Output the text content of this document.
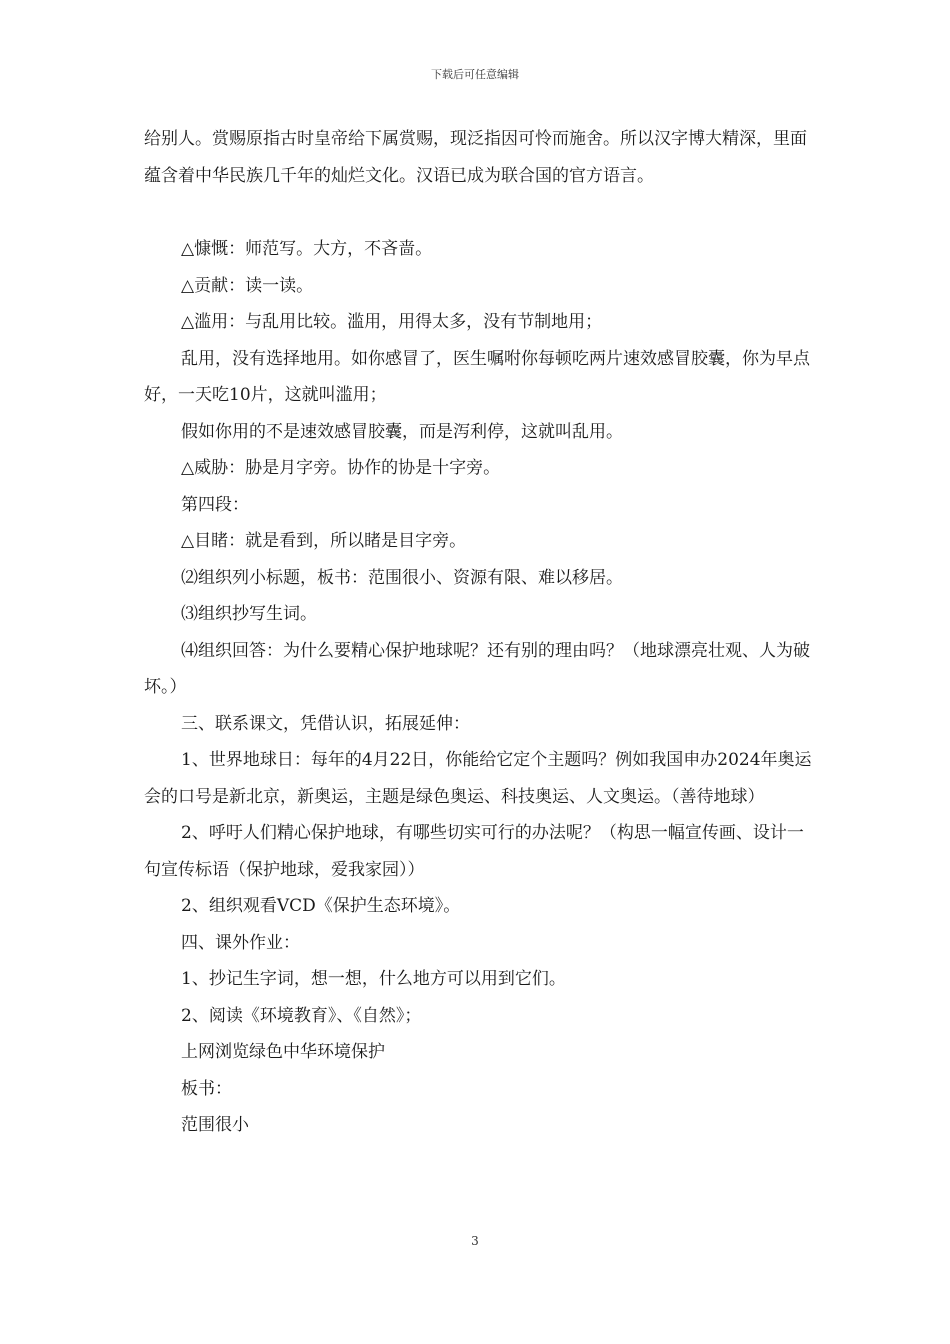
下载后可任意编辑

给别人。赏赐原指古时皇帝给下属赏赐，现泛指因可怜而施舍。所以汉字博大精深，里面蕴含着中华民族几千年的灿烂文化。汉语已成为联合国的官方语言。

△慷慨：师范写。大方，不吝啬。

△贡献：读一读。

△滥用：与乱用比较。滥用，用得太多，没有节制地用；

乱用，没有选择地用。如你感冒了，医生嘱咐你每顿吃两片速效感冒胶囊，你为早点好，一天吃10片，这就叫滥用；

假如你用的不是速效感冒胶囊，而是泻利停，这就叫乱用。

△威胁：胁是月字旁。协作的协是十字旁。

第四段：

△目睹：就是看到，所以睹是目字旁。

⑵组织列小标题，板书：范围很小、资源有限、难以移居。

⑶组织抄写生词。

⑷组织回答：为什么要精心保护地球呢？还有别的理由吗？（地球漂亮壮观、人为破坏。）

三、联系课文，凭借认识，拓展延伸：

1、世界地球日：每年的4月22日，你能给它定个主题吗？例如我国申办2024年奥运会的口号是新北京，新奥运，主题是绿色奥运、科技奥运、人文奥运。（善待地球）

2、呼吁人们精心保护地球，有哪些切实可行的办法呢？（构思一幅宣传画、设计一句宣传标语（保护地球，爱我家园））

2、组织观看VCD《保护生态环境》。

四、课外作业：

1、抄记生字词，想一想，什么地方可以用到它们。

2、阅读《环境教育》、《自然》；

上网浏览绿色中华环境保护

板书：

范围很小

3
